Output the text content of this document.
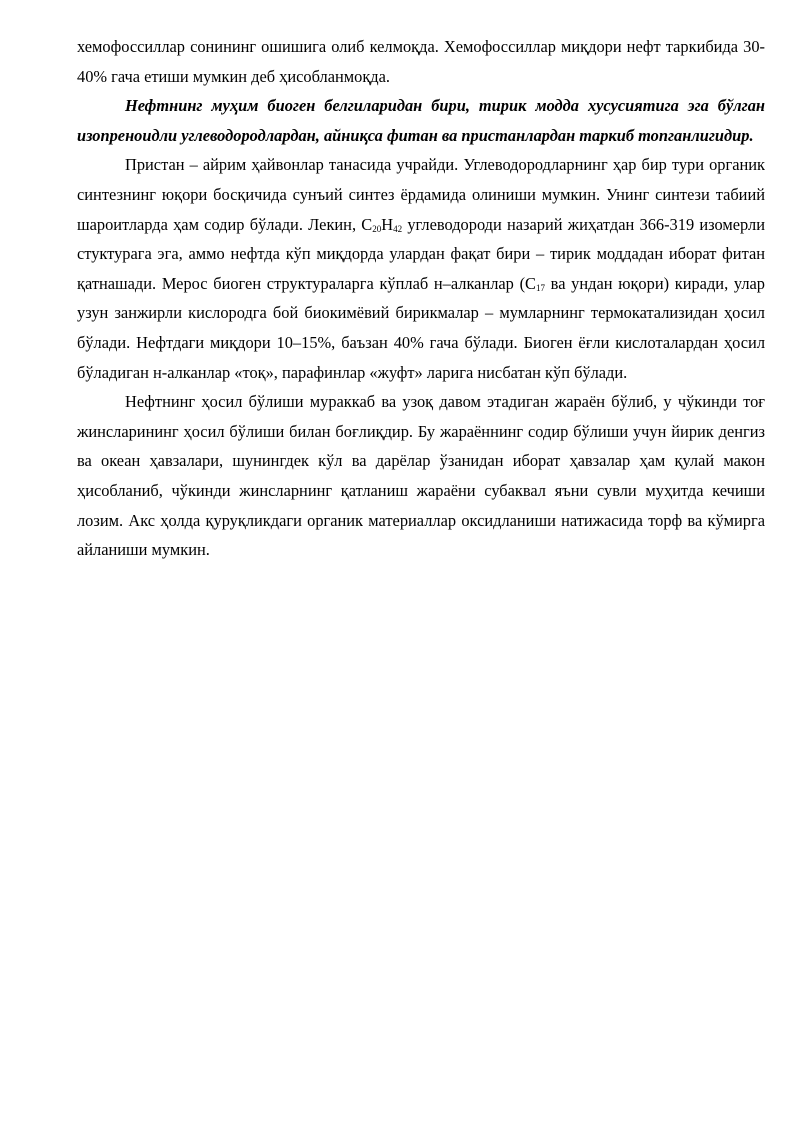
хемофоссиллар сонининг ошишига олиб келмоқда. Хемофоссиллар миқдори нефт таркибида 30-40% гача етиши мумкин деб ҳисобланмоқда.

Нефтнинг муҳим биоген белгиларидан бири, тирик модда хусусиятига эга бўлган изопреноидли углеводородлардан, айниқса фитан ва пристанлардан таркиб топганлигидир.

Пристан – айрим ҳайвонлар танасида учрайди. Углеводородларнинг ҳар бир тури органик синтезнинг юқори босқичида сунъий синтез ёрдамида олиниши мумкин. Унинг синтези табиий шароитларда ҳам содир бўлади. Лекин, $C_{20}H_{42}$ углеводороди назарий жиҳатдан 366-319 изомерли стуктурага эга, аммо нефтда кўп миқдорда улардан фақат бири – тирик моддадан иборат фитан қатнашади. Мерос биоген структураларга кўплаб н–алканлар ($С_{17}$ ва ундан юқори) киради, улар узун занжирли кислородга бой биокимёвий бирикмалар – мумларнинг термокатализидан ҳосил бўлади. Нефтдаги миқдори 10–15%, баъзан 40% гача бўлади. Биоген ёғли кислоталардан ҳосил бўладиган н-алканлар «тоқ», парафинлар «жуфт» ларига нисбатан кўп бўлади.

Нефтнинг ҳосил бўлиши мураккаб ва узоқ давом этадиган жараён бўлиб, у чўкинди тоғ жинсларининг ҳосил бўлиши билан боғлиқдир. Бу жараённинг содир бўлиши учун йирик денгиз ва океан ҳавзалари, шунингдек кўл ва дарёлар ўзанидан иборат ҳавзалар ҳам қулай макон ҳисобланиб, чўкинди жинсларнинг қатланиш жараёни субаквал яъни сувли муҳитда кечиши лозим. Акс ҳолда қуруқликдаги органик материаллар оксидланиши натижасида торф ва кўмирга айланиши мумкин.
